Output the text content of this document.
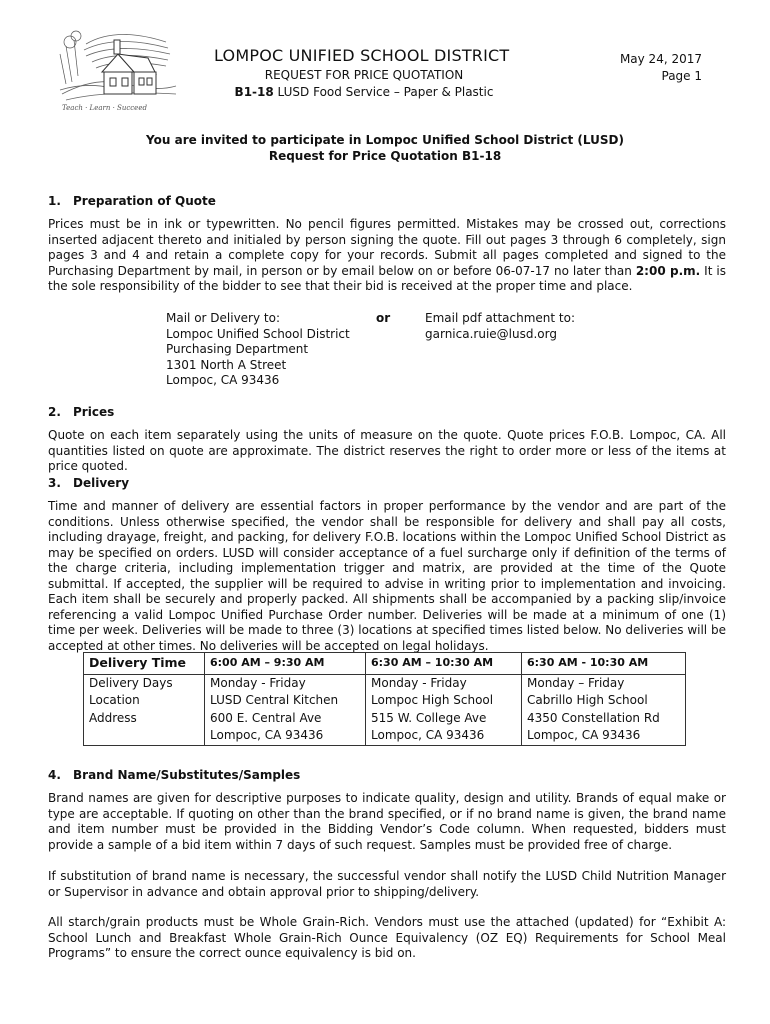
Teach · Learn · Succeed
LOMPOC UNIFIED SCHOOL DISTRICT
REQUEST FOR PRICE QUOTATION
B1-18 LUSD Food Service – Paper & Plastic
May 24, 2017
Page 1
You are invited to participate in Lompoc Unified School District (LUSD)
Request for Price Quotation B1-18
1. Preparation of Quote
Prices must be in ink or typewritten. No pencil figures permitted. Mistakes may be crossed out, corrections inserted adjacent thereto and initialed by person signing the quote. Fill out pages 3 through 6 completely, sign pages 3 and 4 and retain a complete copy for your records. Submit all pages completed and signed to the Purchasing Department by mail, in person or by email below on or before 06-07-17 no later than 2:00 p.m. It is the sole responsibility of the bidder to see that their bid is received at the proper time and place.
Mail or Delivery to:
Lompoc Unified School District
Purchasing Department
1301 North A Street
Lompoc, CA 93436
or	Email pdf attachment to:
garnica.ruie@lusd.org
2. Prices
Quote on each item separately using the units of measure on the quote. Quote prices F.O.B. Lompoc, CA. All quantities listed on quote are approximate. The district reserves the right to order more or less of the items at price quoted.
3. Delivery
Time and manner of delivery are essential factors in proper performance by the vendor and are part of the conditions. Unless otherwise specified, the vendor shall be responsible for delivery and shall pay all costs, including drayage, freight, and packing, for delivery F.O.B. locations within the Lompoc Unified School District as may be specified on orders. LUSD will consider acceptance of a fuel surcharge only if definition of the terms of the charge criteria, including implementation trigger and matrix, are provided at the time of the Quote submittal. If accepted, the supplier will be required to advise in writing prior to implementation and invoicing. Each item shall be securely and properly packed. All shipments shall be accompanied by a packing slip/invoice referencing a valid Lompoc Unified Purchase Order number. Deliveries will be made at a minimum of one (1) time per week. Deliveries will be made to three (3) locations at specified times listed below. No deliveries will be accepted at other times. No deliveries will be accepted on legal holidays.
Delivery Time	6:00 AM – 9:30 AM	6:30 AM – 10:30 AM	6:30 AM - 10:30 AM
Delivery Days	Monday - Friday	Monday - Friday	Monday – Friday
Location	LUSD Central Kitchen	Lompoc High School	Cabrillo High School
Address	600 E. Central Ave	515 W. College Ave	4350 Constellation Rd
	Lompoc, CA 93436	Lompoc, CA 93436	Lompoc, CA 93436
4. Brand Name/Substitutes/Samples
Brand names are given for descriptive purposes to indicate quality, design and utility. Brands of equal make or type are acceptable. If quoting on other than the brand specified, or if no brand name is given, the brand name and item number must be provided in the Bidding Vendor’s Code column. When requested, bidders must provide a sample of a bid item within 7 days of such request. Samples must be provided free of charge.
If substitution of brand name is necessary, the successful vendor shall notify the LUSD Child Nutrition Manager or Supervisor in advance and obtain approval prior to shipping/delivery.
All starch/grain products must be Whole Grain-Rich. Vendors must use the attached (updated) for “Exhibit A: School Lunch and Breakfast Whole Grain-Rich Ounce Equivalency (OZ EQ) Requirements for School Meal Programs” to ensure the correct ounce equivalency is bid on.
